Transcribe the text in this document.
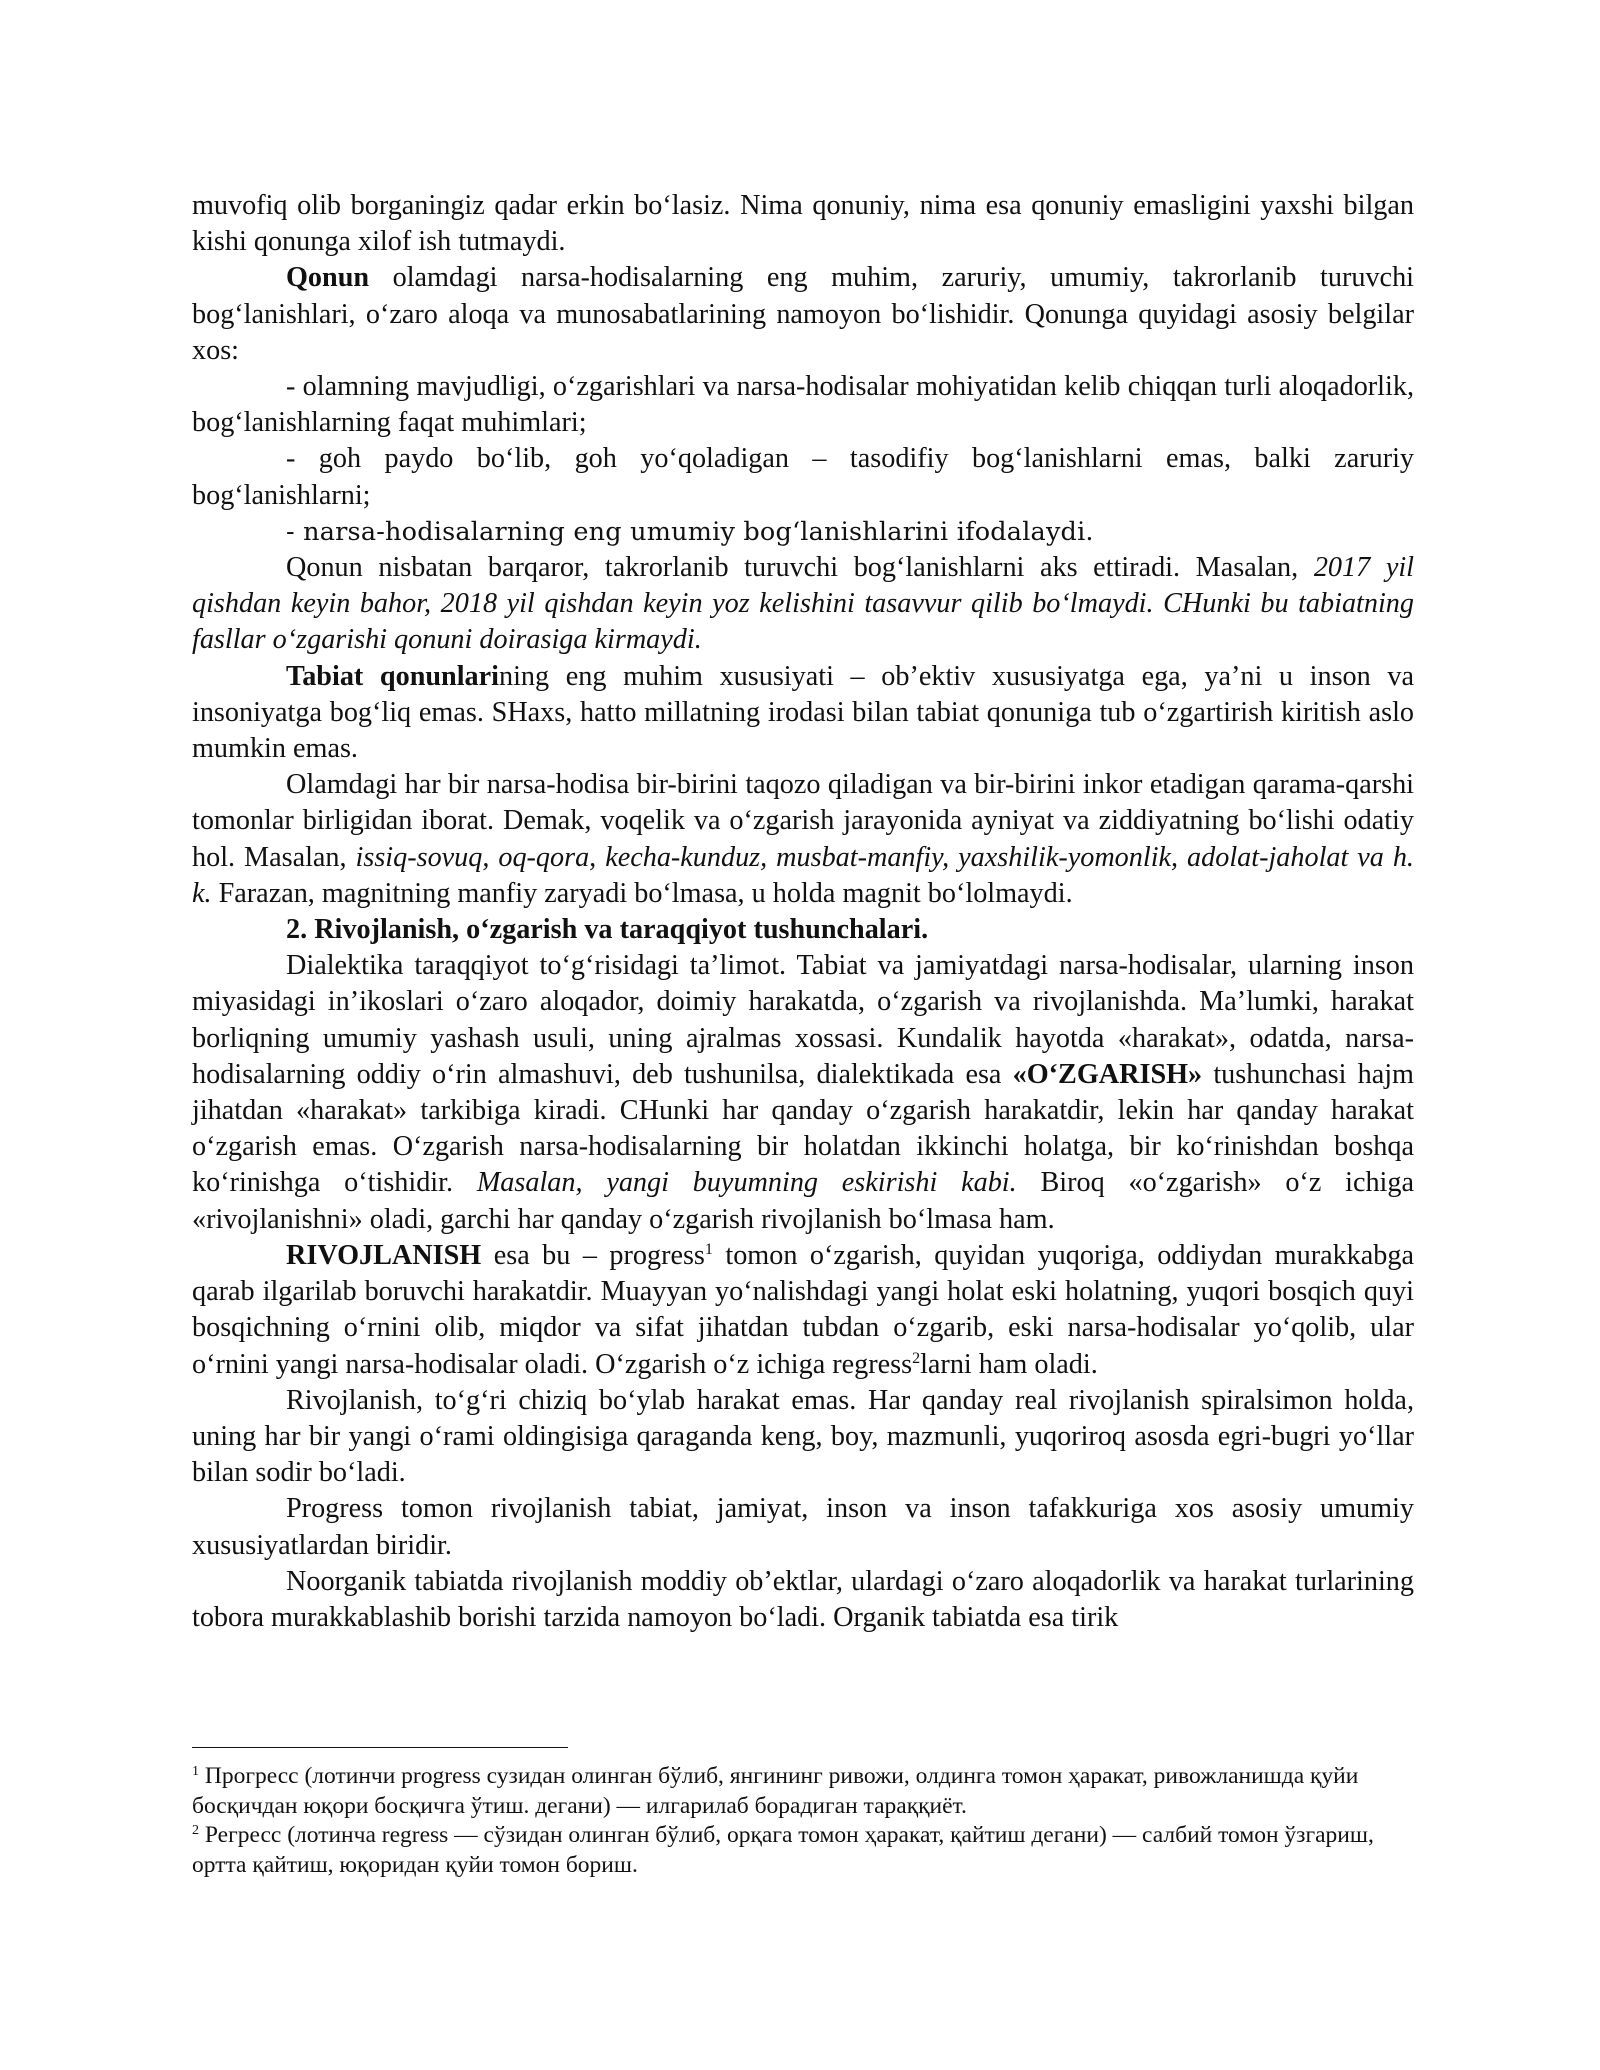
muvofiq olib borganingiz qadar erkin bo‘lasiz. Nima qonuniy, nima esa qonuniy emasligini yaxshi bilgan kishi qonunga xilof ish tutmaydi.

Qonun olamdagi narsa-hodisalarning eng muhim, zaruriy, umumiy, takrorlanib turuvchi bog‘lanishlari, o‘zaro aloqa va munosabatlarining namoyon bo‘lishidir. Qonunga quyidagi asosiy belgilar xos:

- olamning mavjudligi, o‘zgarishlari va narsa-hodisalar mohiyatidan kelib chiqqan turli aloqadorlik, bog‘lanishlarning faqat muhimlari;

- goh paydo bo‘lib, goh yo‘qoladigan – tasodifiy bog‘lanishlarni emas, balki zaruriy bog‘lanishlarni;

- narsa-hodisalarning eng umumiy bog‘lanishlarini ifodalaydi.

Qonun nisbatan barqaror, takrorlanib turuvchi bog‘lanishlarni aks ettiradi. Masalan, 2017 yil qishdan keyin bahor, 2018 yil qishdan keyin yoz kelishini tasavvur qilib bo‘lmaydi. CHunki bu tabiatning fasllar o‘zgarishi qonuni doirasiga kirmaydi.

Tabiat qonunlarining eng muhim xususiyati – ob’ektiv xususiyatga ega, ya’ni u inson va insoniyatga bog‘liq emas. SHaxs, hatto millatning irodasi bilan tabiat qonuniga tub o‘zgartirish kiritish aslo mumkin emas.

Olamdagi har bir narsa-hodisa bir-birini taqozo qiladigan va bir-birini inkor etadigan qarama-qarshi tomonlar birligidan iborat. Demak, voqelik va o‘zgarish jarayonida ayniyat va ziddiyatning bo‘lishi odatiy hol. Masalan, issiq-sovuq, oq-qora, kecha-kunduz, musbat-manfiy, yaxshilik-yomonlik, adolat-jaholat va h. k. Farazan, magnitning manfiy zaryadi bo‘lmasa, u holda magnit bo‘lolmaydi.

2. Rivojlanish, o‘zgarish va taraqqiyot tushunchalari.

Dialektika taraqqiyot to‘g‘risidagi ta’limot. Tabiat va jamiyatdagi narsa-hodisalar, ularning inson miyasidagi in’ikoslari o‘zaro aloqador, doimiy harakatda, o‘zgarish va rivojlanishda. Ma’lumki, harakat borliqning umumiy yashash usuli, uning ajralmas xossasi. Kundalik hayotda «harakat», odatda, narsa-hodisalarning oddiy o‘rin almashuvi, deb tushunilsa, dialektikada esa «O‘ZGARISH» tushunchasi hajm jihatdan «harakat» tarkibiga kiradi. CHunki har qanday o‘zgarish harakatdir, lekin har qanday harakat o‘zgarish emas. O‘zgarish narsa-hodisalarning bir holatdan ikkinchi holatga, bir ko‘rinishdan boshqa ko‘rinishga o‘tishidir. Masalan, yangi buyumning eskirishi kabi. Biroq «o‘zgarish» o‘z ichiga «rivojlanishni» oladi, garchi har qanday o‘zgarish rivojlanish bo‘lmasa ham.

RIVOJLANISH esa bu – progress$^1$ tomon o‘zgarish, quyidan yuqoriga, oddiydan murakkabga qarab ilgarilab boruvchi harakatdir. Muayyan yo‘nalishdagi yangi holat eski holatning, yuqori bosqich quyi bosqichning o‘rnini olib, miqdor va sifat jihatdan tubdan o‘zgarib, eski narsa-hodisalar yo‘qolib, ular o‘rnini yangi narsa-hodisalar oladi. O‘zgarish o‘z ichiga regress$^2$larni ham oladi.

Rivojlanish, to‘g‘ri chiziq bo‘ylab harakat emas. Har qanday real rivojlanish spiralsimon holda, uning har bir yangi o‘rami oldingisiga qaraganda keng, boy, mazmunli, yuqoriroq asosda egri-bugri yo‘llar bilan sodir bo‘ladi.

Progress tomon rivojlanish tabiat, jamiyat, inson va inson tafakkuriga xos asosiy umumiy xususiyatlardan biridir.

Noorganik tabiatda rivojlanish moddiy ob’ektlar, ulardagi o‘zaro aloqadorlik va harakat turlarining tobora murakkablashib borishi tarzida namoyon bo‘ladi. Organik tabiatda esa tirik

$^1$ Прогресс (лотинчи progress сузидан олинган бўлиб, янгининг ривожи, олдинга томон ҳаракат, ривожланишда қуйи босқичдан юқори босқичга ўтиш. дегани) — илгарилаб борадиган тараққиёт.

$^2$ Регресс (лотинча regress — сўзидан олинган бўлиб, орқага томон ҳаракат, қайтиш дегани) — салбий томон ўзгариш, ортта қайтиш, юқоридан қуйи томон бориш.
